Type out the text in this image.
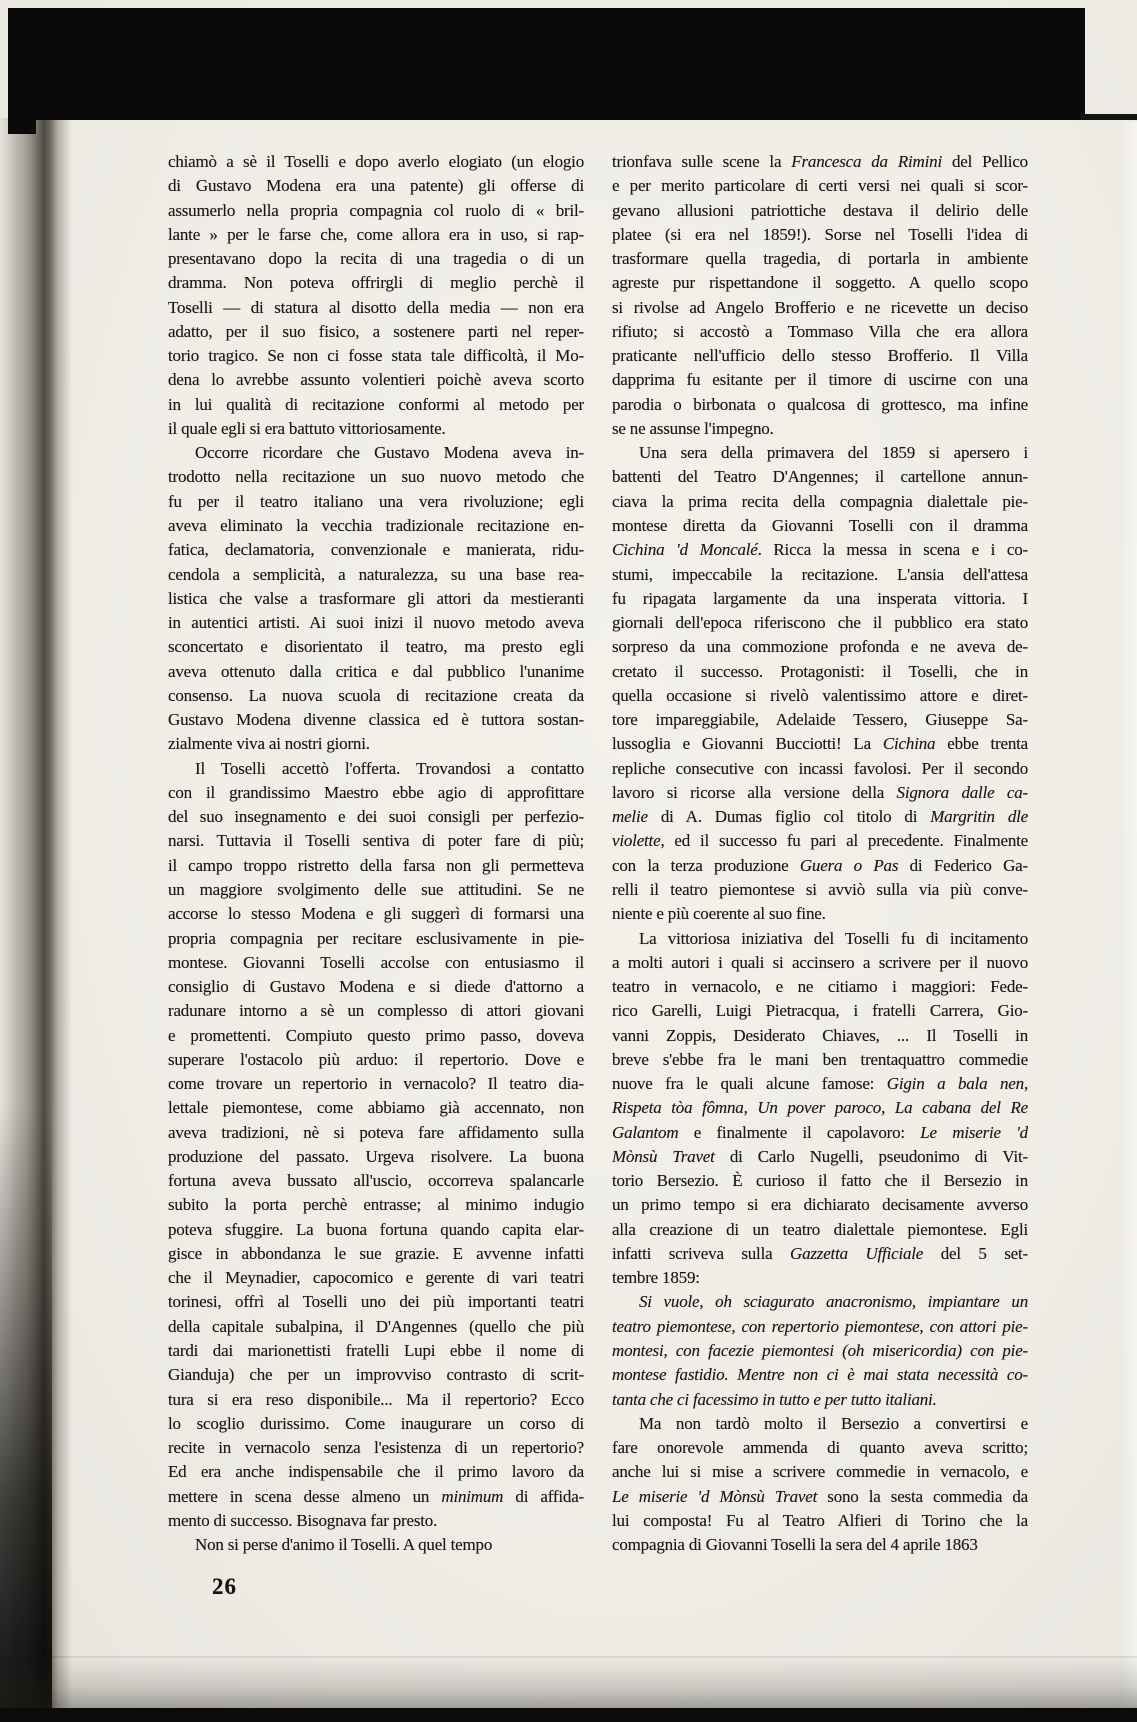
chiamò a sè il Toselli e dopo averlo elogiato (un elogio
di Gustavo Modena era una patente) gli offerse di
assumerlo nella propria compagnia col ruolo di « bril-
lante » per le farse che, come allora era in uso, si rap-
presentavano dopo la recita di una tragedia o di un
dramma. Non poteva offrirgli di meglio perchè il
Toselli — di statura al disotto della media — non era
adatto, per il suo fisico, a sostenere parti nel reper-
torio tragico. Se non ci fosse stata tale difficoltà, il Mo-
dena lo avrebbe assunto volentieri poichè aveva scorto
in lui qualità di recitazione conformi al metodo per
il quale egli si era battuto vittoriosamente.
Occorre ricordare che Gustavo Modena aveva in-
trodotto nella recitazione un suo nuovo metodo che
fu per il teatro italiano una vera rivoluzione; egli
aveva eliminato la vecchia tradizionale recitazione en-
fatica, declamatoria, convenzionale e manierata, ridu-
cendola a semplicità, a naturalezza, su una base rea-
listica che valse a trasformare gli attori da mestieranti
in autentici artisti. Ai suoi inizi il nuovo metodo aveva
sconcertato e disorientato il teatro, ma presto egli
aveva ottenuto dalla critica e dal pubblico l'unanime
consenso. La nuova scuola di recitazione creata da
Gustavo Modena divenne classica ed è tuttora sostan-
zialmente viva ai nostri giorni.
Il Toselli accettò l'offerta. Trovandosi a contatto
con il grandissimo Maestro ebbe agio di approfittare
del suo insegnamento e dei suoi consigli per perfezio-
narsi. Tuttavia il Toselli sentiva di poter fare di più;
il campo troppo ristretto della farsa non gli permetteva
un maggiore svolgimento delle sue attitudini. Se ne
accorse lo stesso Modena e gli suggerì di formarsi una
propria compagnia per recitare esclusivamente in pie-
montese. Giovanni Toselli accolse con entusiasmo il
consiglio di Gustavo Modena e si diede d'attorno a
radunare intorno a sè un complesso di attori giovani
e promettenti. Compiuto questo primo passo, doveva
superare l'ostacolo più arduo: il repertorio. Dove e
come trovare un repertorio in vernacolo? Il teatro dia-
lettale piemontese, come abbiamo già accennato, non
aveva tradizioni, nè si poteva fare affidamento sulla
produzione del passato. Urgeva risolvere. La buona
fortuna aveva bussato all'uscio, occorreva spalancarle
subito la porta perchè entrasse; al minimo indugio
poteva sfuggire. La buona fortuna quando capita elar-
gisce in abbondanza le sue grazie. E avvenne infatti
che il Meynadier, capocomico e gerente di vari teatri
torinesi, offrì al Toselli uno dei più importanti teatri
della capitale subalpina, il D'Angennes (quello che più
tardi dai marionettisti fratelli Lupi ebbe il nome di
Gianduja) che per un improvviso contrasto di scrit-
tura si era reso disponibile... Ma il repertorio? Ecco
lo scoglio durissimo. Come inaugurare un corso di
recite in vernacolo senza l'esistenza di un repertorio?
Ed era anche indispensabile che il primo lavoro da
mettere in scena desse almeno un minimum di affida-
mento di successo. Bisognava far presto.
Non si perse d'animo il Toselli. A quel tempo
trionfava sulle scene la Francesca da Rimini del Pellico
e per merito particolare di certi versi nei quali si scor-
gevano allusioni patriottiche destava il delirio delle
platee (si era nel 1859!). Sorse nel Toselli l'idea di
trasformare quella tragedia, di portarla in ambiente
agreste pur rispettandone il soggetto. A quello scopo
si rivolse ad Angelo Brofferio e ne ricevette un deciso
rifiuto; si accostò a Tommaso Villa che era allora
praticante nell'ufficio dello stesso Brofferio. Il Villa
dapprima fu esitante per il timore di uscirne con una
parodia o birbonata o qualcosa di grottesco, ma infine
se ne assunse l'impegno.
Una sera della primavera del 1859 si apersero i
battenti del Teatro D'Angennes; il cartellone annun-
ciava la prima recita della compagnia dialettale pie-
montese diretta da Giovanni Toselli con il dramma
Cichina 'd Moncalé. Ricca la messa in scena e i co-
stumi, impeccabile la recitazione. L'ansia dell'attesa
fu ripagata largamente da una insperata vittoria. I
giornali dell'epoca riferiscono che il pubblico era stato
sorpreso da una commozione profonda e ne aveva de-
cretato il successo. Protagonisti: il Toselli, che in
quella occasione si rivelò valentissimo attore e diret-
tore impareggiabile, Adelaide Tessero, Giuseppe Sa-
lussoglia e Giovanni Bucciotti! La Cichina ebbe trenta
repliche consecutive con incassi favolosi. Per il secondo
lavoro si ricorse alla versione della Signora dalle ca-
melie di A. Dumas figlio col titolo di Margritin dle
violette, ed il successo fu pari al precedente. Finalmente
con la terza produzione Guera o Pas di Federico Ga-
relli il teatro piemontese si avviò sulla via più conve-
niente e più coerente al suo fine.
La vittoriosa iniziativa del Toselli fu di incitamento
a molti autori i quali si accinsero a scrivere per il nuovo
teatro in vernacolo, e ne citiamo i maggiori: Fede-
rico Garelli, Luigi Pietracqua, i fratelli Carrera, Gio-
vanni Zoppis, Desiderato Chiaves, ... Il Toselli in
breve s'ebbe fra le mani ben trentaquattro commedie
nuove fra le quali alcune famose: Gigin a bala nen,
Rispeta tòa fômna, Un pover paroco, La cabana del Re
Galantom e finalmente il capolavoro: Le miserie 'd
Mònsù Travet di Carlo Nugelli, pseudonimo di Vit-
torio Bersezio. È curioso il fatto che il Bersezio in
un primo tempo si era dichiarato decisamente avverso
alla creazione di un teatro dialettale piemontese. Egli
infatti scriveva sulla Gazzetta Ufficiale del 5 set-
tembre 1859:
Si vuole, oh sciagurato anacronismo, impiantare un
teatro piemontese, con repertorio piemontese, con attori pie-
montesi, con facezie piemontesi (oh misericordia) con pie-
montese fastidio. Mentre non ci è mai stata necessità co-
tanta che ci facessimo in tutto e per tutto italiani.
Ma non tardò molto il Bersezio a convertirsi e
fare onorevole ammenda di quanto aveva scritto;
anche lui si mise a scrivere commedie in vernacolo, e
Le miserie 'd Mònsù Travet sono la sesta commedia da
lui composta! Fu al Teatro Alfieri di Torino che la
compagnia di Giovanni Toselli la sera del 4 aprile 1863
26
